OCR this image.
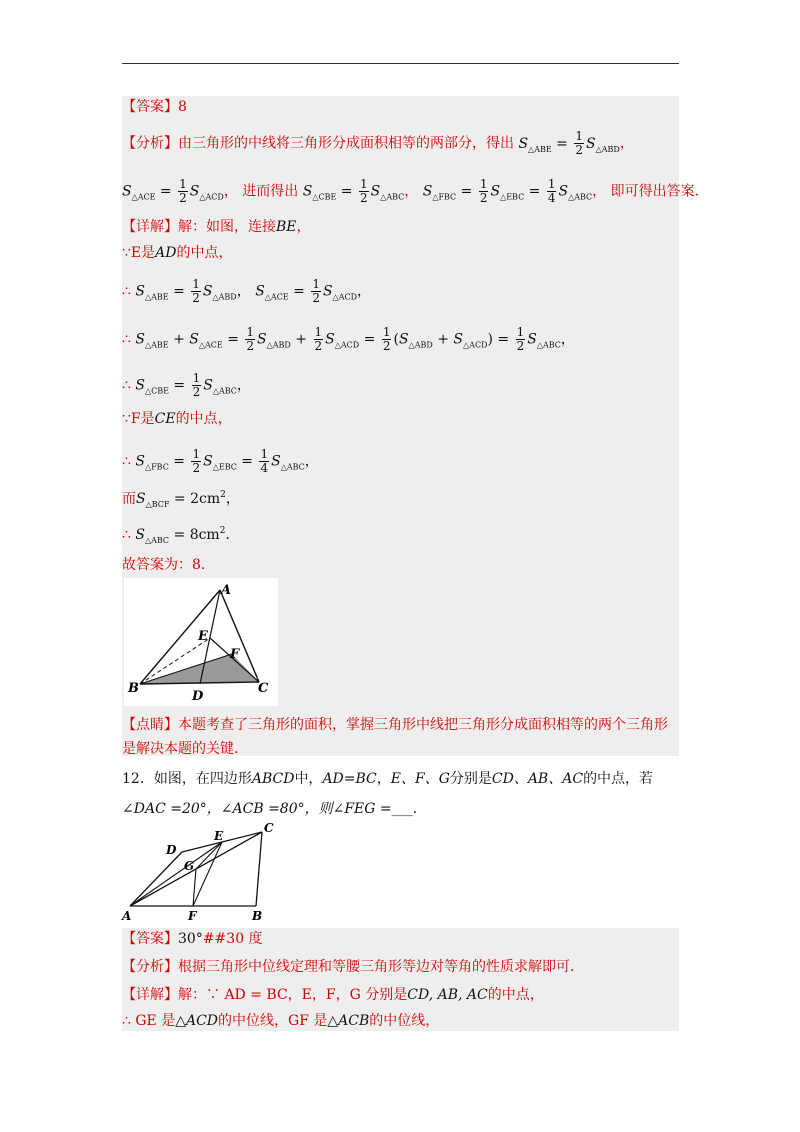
【答案】8
【分析】由三角形的中线将三角形分成面积相等的两部分，得出 $S_{\triangle ABE} = \frac{1}{2} S_{\triangle ABD}$，
$S_{\triangle ACE} = \frac{1}{2} S_{\triangle ACD}$， 进而得出 $S_{\triangle CBE} = \frac{1}{2} S_{\triangle ABC}$， $S_{\triangle FBC} = \frac{1}{2} S_{\triangle EBC} = \frac{1}{4} S_{\triangle ABC}$， 即可得出答案．
【详解】解：如图，连接BE，
∵E是AD的中点，
∴ $S_{\triangle ABE} = \frac{1}{2} S_{\triangle ABD}$， $S_{\triangle ACE} = \frac{1}{2} S_{\triangle ACD}$，
∴ $S_{\triangle ABE} + S_{\triangle ACE} = \frac{1}{2} S_{\triangle ABD} + \frac{1}{2} S_{\triangle ACD} = \frac{1}{2} (S_{\triangle ABD} + S_{\triangle ACD}) = \frac{1}{2} S_{\triangle ABC}$，
∴ $S_{\triangle CBE} = \frac{1}{2} S_{\triangle ABC}$，
∵F是CE的中点，
∴ $S_{\triangle FBC} = \frac{1}{2} S_{\triangle EBC} = \frac{1}{4} S_{\triangle ABC}$，
而$S_{\triangle BCF} = 2cm^2$，
∴ $S_{\triangle ABC} = 8cm^2$．
故答案为：8．
A
B	C
D
E
F
【点睛】本题考查了三角形的面积，掌握三角形中线把三角形分成面积相等的两个三角形
是解决本题的关键．
12．如图，在四边形ABCD中，AD=BC，E、F、G分别是CD、AB、AC的中点，若
∠DAC =20°，∠ACB =80°，则∠FEG =___.
A	B
C
D
E
F
G
【答案】30°##30 度
【分析】根据三角形中位线定理和等腰三角形等边对等角的性质求解即可．
【详解】解：∵ AD = BC，E，F，G 分别是CD, AB, AC的中点，
∴ GE 是△ACD的中位线，GF 是△ACB的中位线，
